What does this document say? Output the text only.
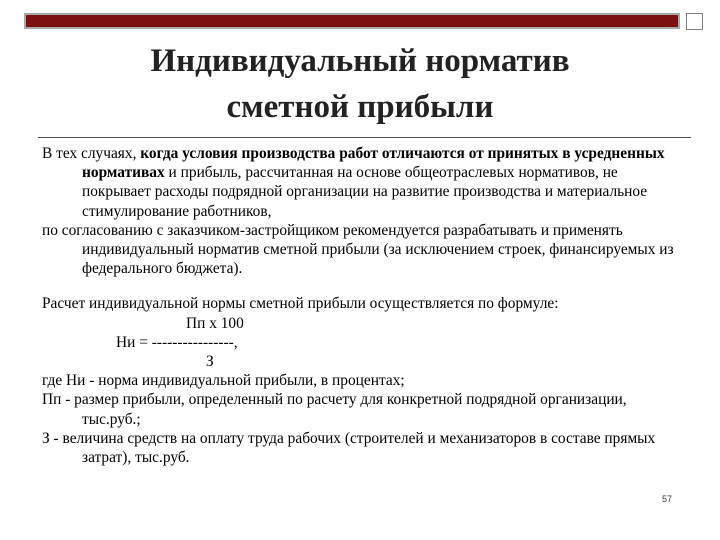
Индивидуальный норматив
сметной прибыли

В тех случаях, когда условия производства работ отличаются от принятых в усредненных нормативах и прибыль, рассчитанная на основе общеотраслевых нормативов, не покрывает расходы подрядной организации на развитие производства и материальное стимулирование работников,

по согласованию с заказчиком-застройщиком рекомендуется разрабатывать и применять индивидуальный норматив сметной прибыли (за исключением строек, финансируемых из федерального бюджета).

Расчет индивидуальной нормы сметной прибыли осуществляется по формуле:

Пп х 100
Ни = ----------------,
З

где Ни - норма индивидуальной прибыли, в процентах;

Пп - размер прибыли, определенный по расчету для конкретной подрядной организации, тыс.руб.;

З - величина средств на оплату труда рабочих (строителей и механизаторов в составе прямых затрат), тыс.руб.

57
